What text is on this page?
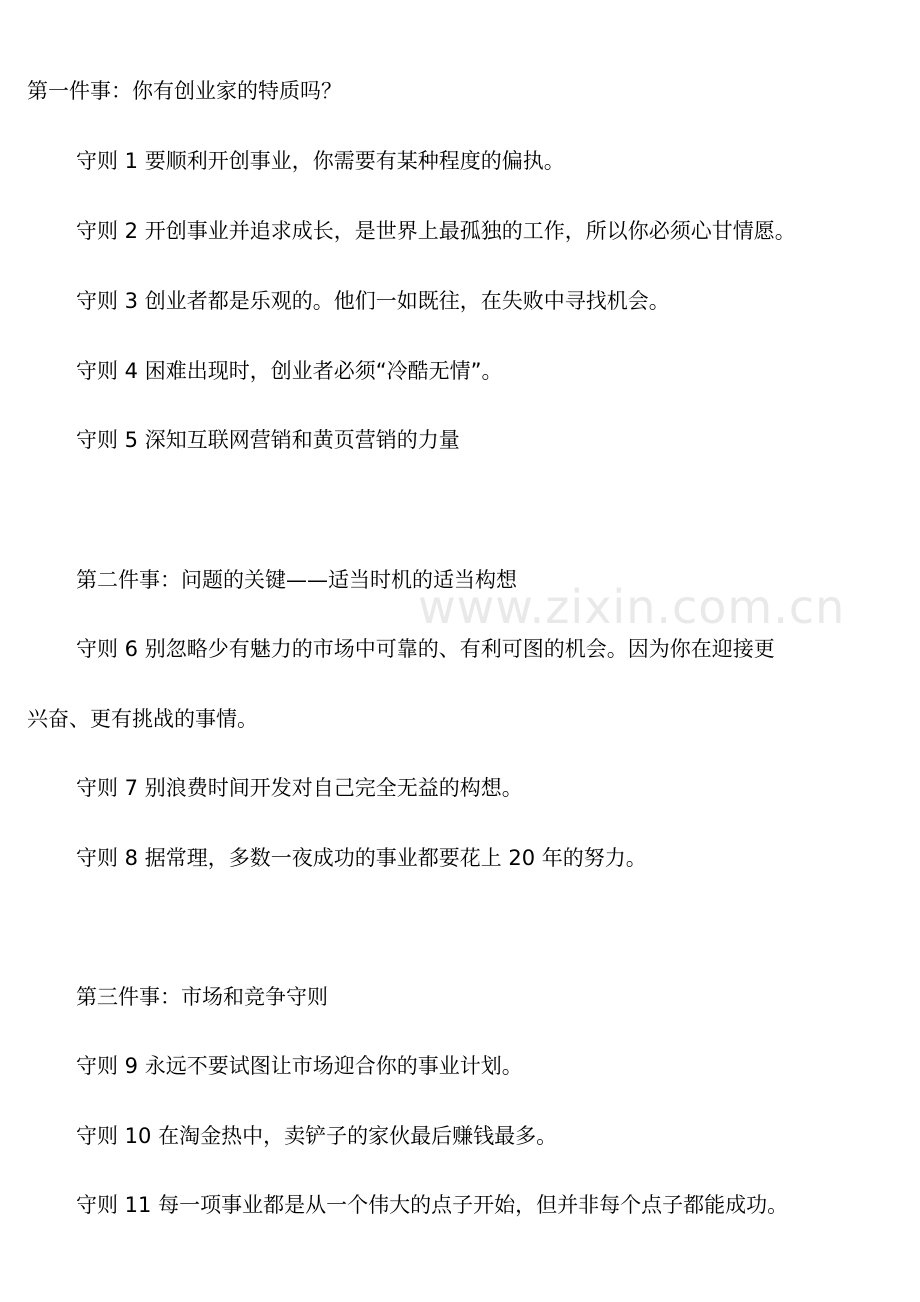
www.zixin.com.cn
第一件事：你有创业家的特质吗？
守则 1 要顺利开创事业，你需要有某种程度的偏执。
守则 2 开创事业并追求成长，是世界上最孤独的工作，所以你必须心甘情愿。
守则 3 创业者都是乐观的。他们一如既往，在失败中寻找机会。
守则 4 困难出现时，创业者必须“冷酷无情”。
守则 5 深知互联网营销和黄页营销的力量
第二件事：问题的关键——适当时机的适当构想
守则 6 别忽略少有魅力的市场中可靠的、有利可图的机会。因为你在迎接更
兴奋、更有挑战的事情。
守则 7 别浪费时间开发对自己完全无益的构想。
守则 8 据常理，多数一夜成功的事业都要花上 20 年的努力。
第三件事：市场和竞争守则
守则 9 永远不要试图让市场迎合你的事业计划。
守则 10 在淘金热中，卖铲子的家伙最后赚钱最多。
守则 11 每一项事业都是从一个伟大的点子开始，但并非每个点子都能成功。
